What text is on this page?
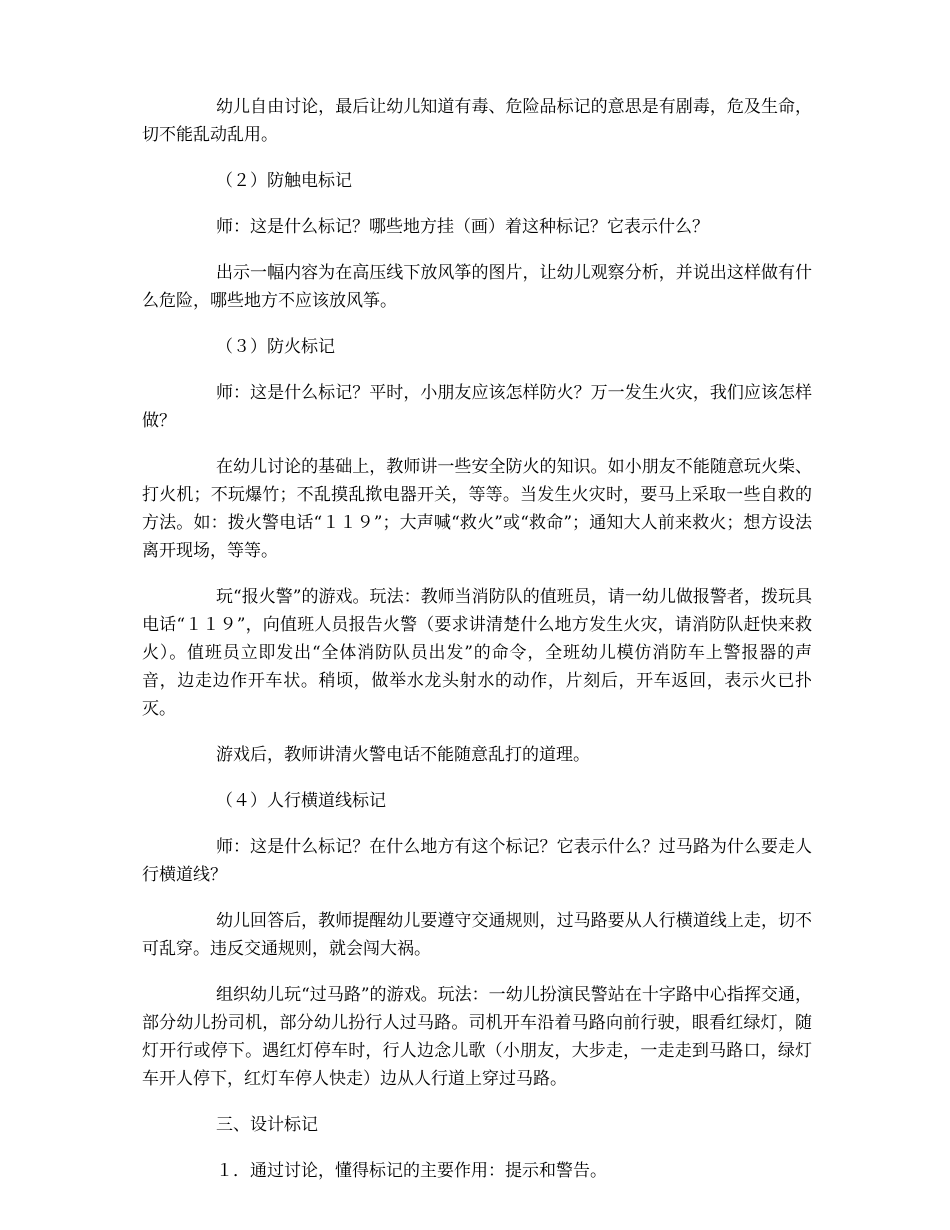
幼儿自由讨论，最后让幼儿知道有毒、危险品标记的意思是有剧毒，危及生命，切不能乱动乱用。

（２）防触电标记

师：这是什么标记？哪些地方挂（画）着这种标记？它表示什么？

出示一幅内容为在高压线下放风筝的图片，让幼儿观察分析，并说出这样做有什么危险，哪些地方不应该放风筝。

（３）防火标记

师：这是什么标记？平时，小朋友应该怎样防火？万一发生火灾，我们应该怎样做？

在幼儿讨论的基础上，教师讲一些安全防火的知识。如小朋友不能随意玩火柴、打火机；不玩爆竹；不乱摸乱揿电器开关，等等。当发生火灾时，要马上采取一些自救的方法。如：拨火警电话“１１９”；大声喊“救火”或“救命”；通知大人前来救火；想方设法离开现场，等等。

玩“报火警”的游戏。玩法：教师当消防队的值班员，请一幼儿做报警者，拨玩具电话“１１９”，向值班人员报告火警（要求讲清楚什么地方发生火灾，请消防队赶快来救火）。值班员立即发出“全体消防队员出发”的命令，全班幼儿模仿消防车上警报器的声音，边走边作开车状。稍顷，做举水龙头射水的动作，片刻后，开车返回，表示火已扑灭。

游戏后，教师讲清火警电话不能随意乱打的道理。

（４）人行横道线标记

师：这是什么标记？在什么地方有这个标记？它表示什么？过马路为什么要走人行横道线？

幼儿回答后，教师提醒幼儿要遵守交通规则，过马路要从人行横道线上走，切不可乱穿。违反交通规则，就会闯大祸。

组织幼儿玩“过马路”的游戏。玩法：一幼儿扮演民警站在十字路中心指挥交通，部分幼儿扮司机，部分幼儿扮行人过马路。司机开车沿着马路向前行驶，眼看红绿灯，随灯开行或停下。遇红灯停车时，行人边念儿歌（小朋友，大步走，一走走到马路口，绿灯车开人停下，红灯车停人快走）边从人行道上穿过马路。

三、设计标记

１．通过讨论，懂得标记的主要作用：提示和警告。
